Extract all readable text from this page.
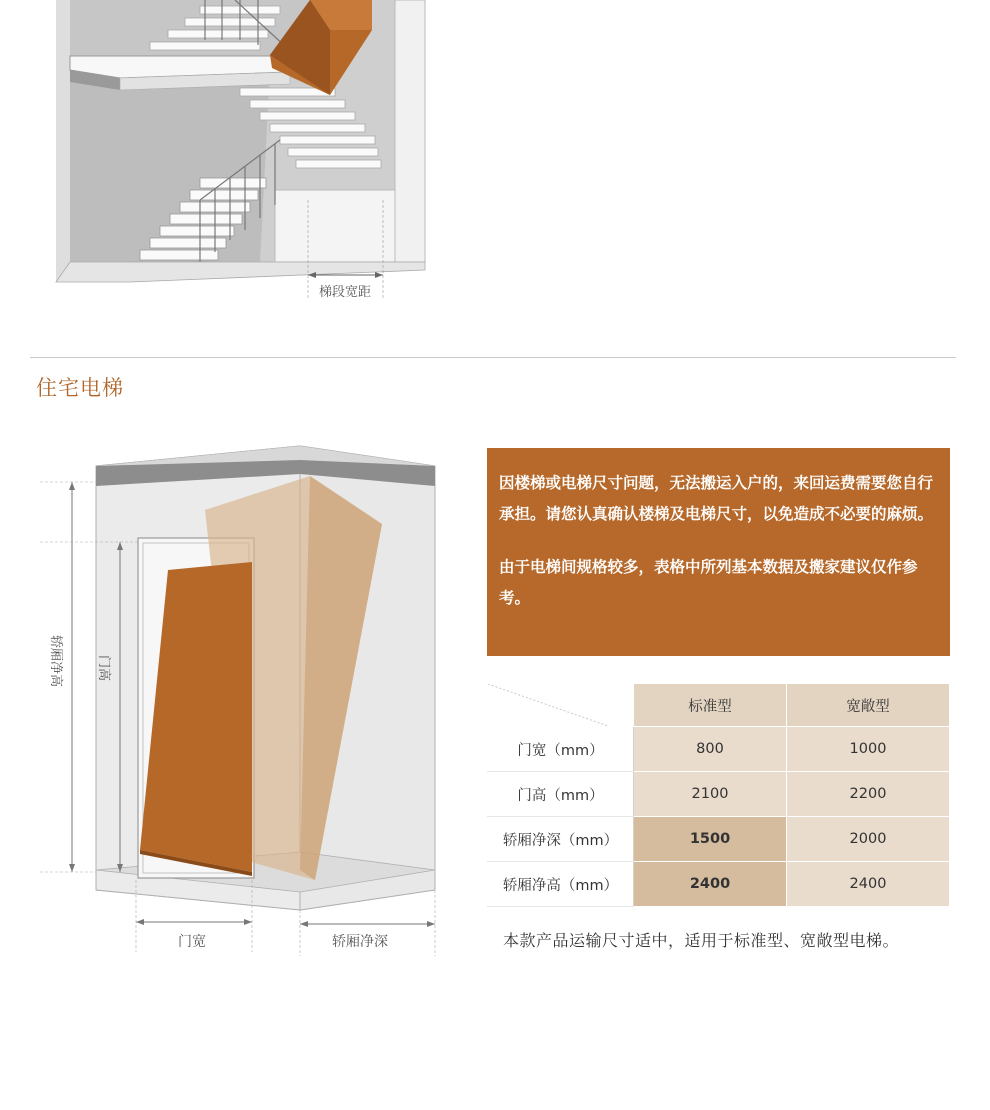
梯段宽距
住宅电梯
轿厢净高	门高
门宽	轿厢净深

因楼梯或电梯尺寸问题，无法搬运入户的，来回运费需要您自行承担。请您认真确认楼梯及电梯尺寸，以免造成不必要的麻烦。

由于电梯间规格较多，表格中所列基本数据及搬家建议仅作参考。

	标准型	宽敞型
门宽（mm）	800	1000
门高（mm）	2100	2200
轿厢净深（mm）	1500	2000
轿厢净高（mm）	2400	2400
本款产品运输尺寸适中，适用于标准型、宽敞型电梯。
